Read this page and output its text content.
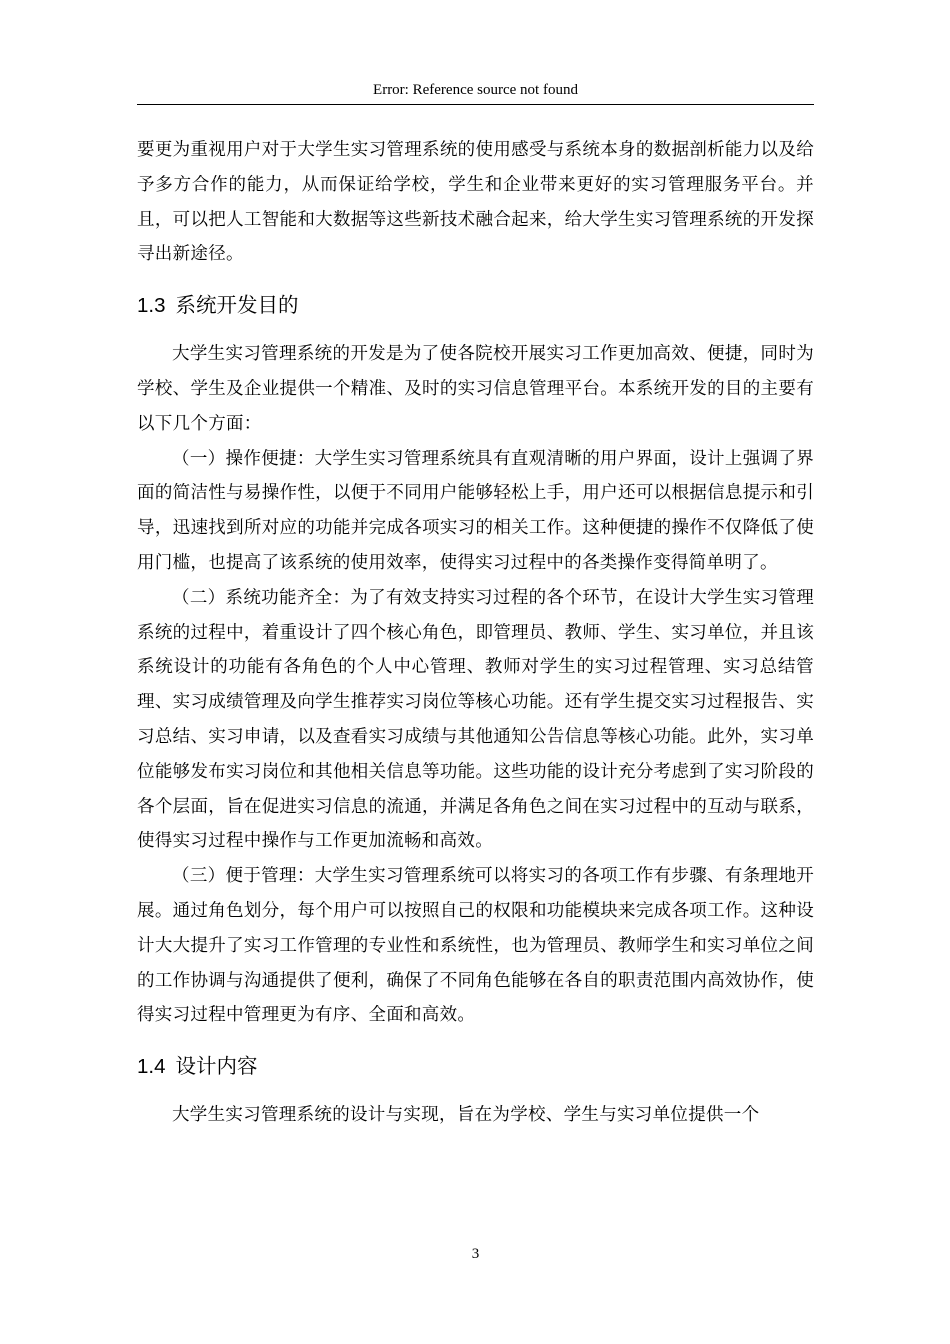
Error: Reference source not found

要更为重视用户对于大学生实习管理系统的使用感受与系统本身的数据剖析能力以及给予多方合作的能力，从而保证给学校，学生和企业带来更好的实习管理服务平台。并且，可以把人工智能和大数据等这些新技术融合起来，给大学生实习管理系统的开发探寻出新途径。

1.3 系统开发目的

大学生实习管理系统的开发是为了使各院校开展实习工作更加高效、便捷，同时为学校、学生及企业提供一个精准、及时的实习信息管理平台。本系统开发的目的主要有以下几个方面：

（一）操作便捷：大学生实习管理系统具有直观清晰的用户界面，设计上强调了界面的简洁性与易操作性，以便于不同用户能够轻松上手，用户还可以根据信息提示和引导，迅速找到所对应的功能并完成各项实习的相关工作。这种便捷的操作不仅降低了使用门槛，也提高了该系统的使用效率，使得实习过程中的各类操作变得简单明了。

（二）系统功能齐全：为了有效支持实习过程的各个环节，在设计大学生实习管理系统的过程中，着重设计了四个核心角色，即管理员、教师、学生、实习单位，并且该系统设计的功能有各角色的个人中心管理、教师对学生的实习过程管理、实习总结管理、实习成绩管理及向学生推荐实习岗位等核心功能。还有学生提交实习过程报告、实习总结、实习申请，以及查看实习成绩与其他通知公告信息等核心功能。此外，实习单位能够发布实习岗位和其他相关信息等功能。这些功能的设计充分考虑到了实习阶段的各个层面，旨在促进实习信息的流通，并满足各角色之间在实习过程中的互动与联系，使得实习过程中操作与工作更加流畅和高效。

（三）便于管理：大学生实习管理系统可以将实习的各项工作有步骤、有条理地开展。通过角色划分，每个用户可以按照自己的权限和功能模块来完成各项工作。这种设计大大提升了实习工作管理的专业性和系统性，也为管理员、教师学生和实习单位之间的工作协调与沟通提供了便利，确保了不同角色能够在各自的职责范围内高效协作，使得实习过程中管理更为有序、全面和高效。

1.4 设计内容

大学生实习管理系统的设计与实现，旨在为学校、学生与实习单位提供一个

3
